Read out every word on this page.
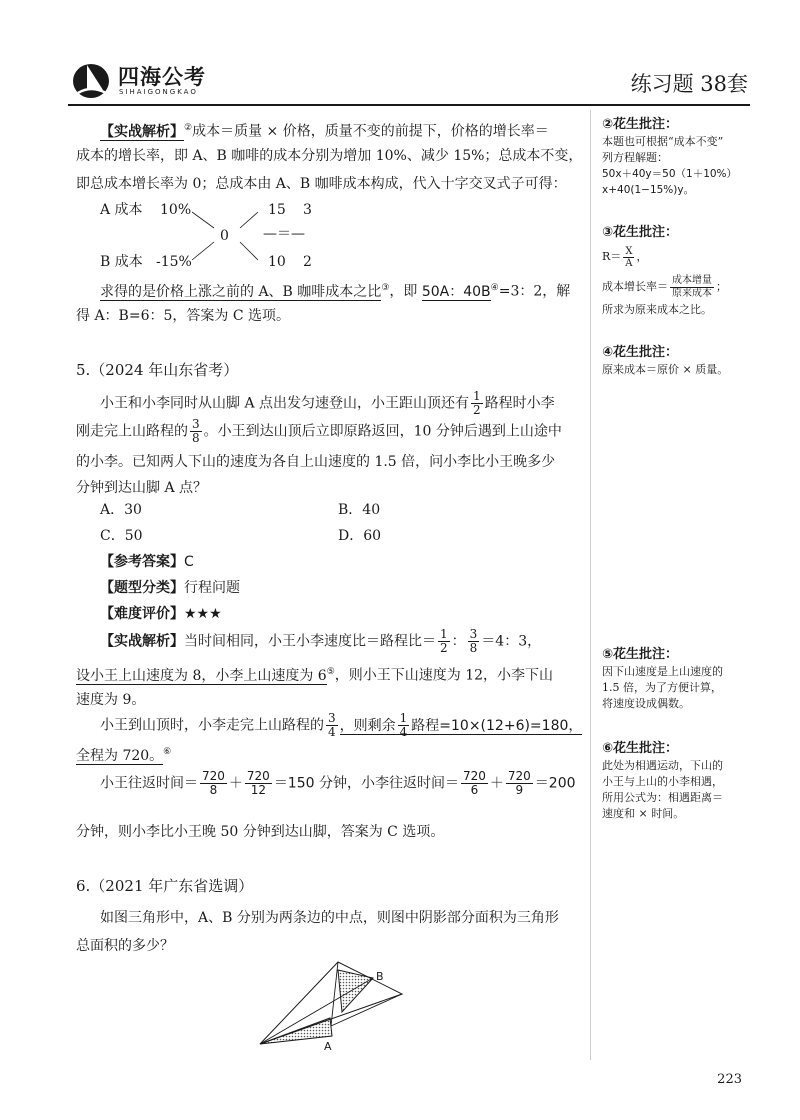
四海公考
SIHAIGONGKAO	练习题 38套
【实战解析】②成本＝质量 × 价格，质量不变的前提下，价格的增长率＝
成本的增长率，即 A、B 咖啡的成本分别为增加 10%、减少 15%；总成本不变，
即总成本增长率为 0；总成本由 A、B 咖啡成本构成，代入十字交叉式子可得：
A 成本 10%	15 3
0 —＝—
B 成本 -15%	10 2
求得的是价格上涨之前的 A、B 咖啡成本之比③，即 50A：40B④=3：2，解
得 A：B=6：5，答案为 C 选项。
5.（2024 年山东省考）
小王和小李同时从山脚 A 点出发匀速登山，小王距山顶还有 $\frac{1}{2}$ 路程时小李
刚走完上山路程的 $\frac{3}{8}$ 。小王到达山顶后立即原路返回，10 分钟后遇到上山途中
的小李。已知两人下山的速度为各自上山速度的 1.5 倍，问小李比小王晚多少
分钟到达山脚 A 点？
A．30	B．40
C．50	D．60
【参考答案】C
【题型分类】行程问题
【难度评价】★★★
【实战解析】当时间相同，小王小李速度比＝路程比＝ $\frac{1}{2}$ ： $\frac{3}{8} =4$：3，
设小王上山速度为 8，小李上山速度为 6⑤，则小王下山速度为 12，小李下山
速度为 9。
小王到山顶时，小李走完上山路程的 $\frac{3}{4}$ ，则剩余 $\frac{1}{4}$ 路程=10×(12+6)=180，
全程为 720。⑥
小王往返时间＝ $\frac{720}{8} + \frac{720}{12} =150$ 分钟，小李往返时间＝ $\frac{720}{6} + \frac{720}{9} =200$
分钟，则小李比小王晚 50 分钟到达山脚，答案为 C 选项。
6.（2021 年广东省选调）
如图三角形中，A、B 分别为两条边的中点，则图中阴影部分面积为三角形
总面积的多少？
A
B
②花生批注：
本题也可根据“成本不变”
列方程解题：
50x＋40y＝50（1＋10%）
x+40(1−15%)y。
③花生批注：
$R= \frac{X}{A}$ ，
成本增长率＝ $\frac{\text{成本增量}}{\text{原来成本}}$ ；
所求为原来成本之比。
④花生批注：
原来成本＝原价 × 质量。
⑤花生批注：
因下山速度是上山速度的
1.5 倍，为了方便计算，
将速度设成偶数。
⑥花生批注：
此处为相遇运动，下山的
小王与上山的小李相遇，
所用公式为：相遇距离＝
速度和 × 时间。
223
